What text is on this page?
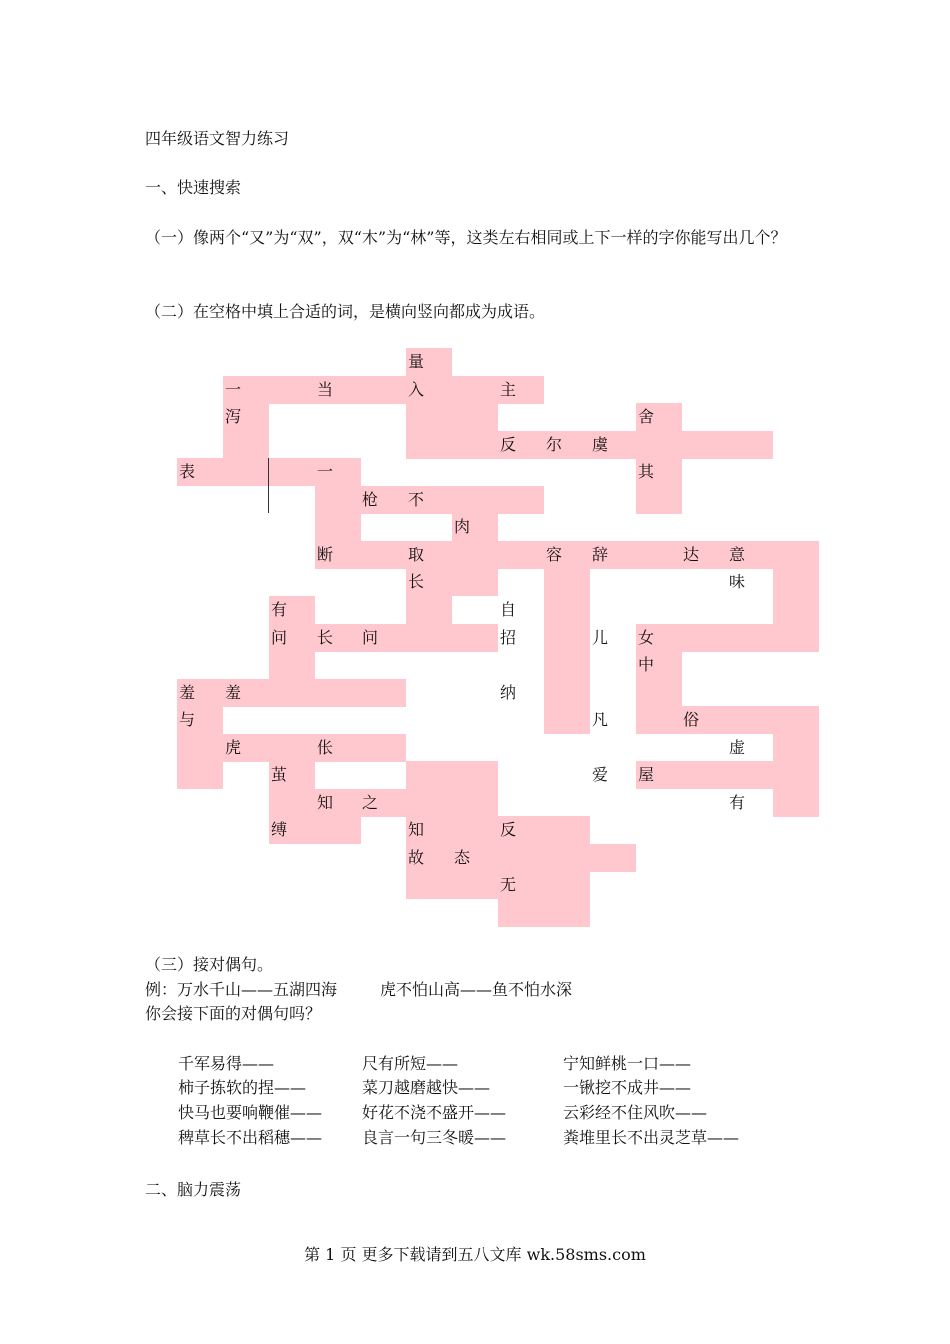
四年级语文智力练习
一、快速搜索
（一）像两个“又”为“双”，双“木”为“林”等，这类左右相同或上下一样的字你能写出几个？
（二）在空格中填上合适的词，是横向竖向都成为成语。
量
一	当	入	主
泻	舍
反 尔 虞
表	一	其
枪 不
肉
断	取	容 辞	达 意
长	味
有	自
问 长 问	招	儿 女
中
羞 羞	纳
与	凡	俗
虎	伥	虚
茧	爱 屋
知 之	有
缚	知	反
故 态
无
（三）接对偶句。
例：万水千山——五湖四海	虎不怕山高——鱼不怕水深
你会接下面的对偶句吗？
千军易得——	尺有所短——	宁知鲜桃一口——
柿子拣软的捏——	菜刀越磨越快——	一锹挖不成井——
快马也要响鞭催—— 好花不浇不盛开——	云彩经不住风吹——
稗草长不出稻穗—— 良言一句三冬暖——	粪堆里长不出灵芝草——
二、脑力震荡
第 1 页 更多下载请到五八文库 wk.58sms.com
